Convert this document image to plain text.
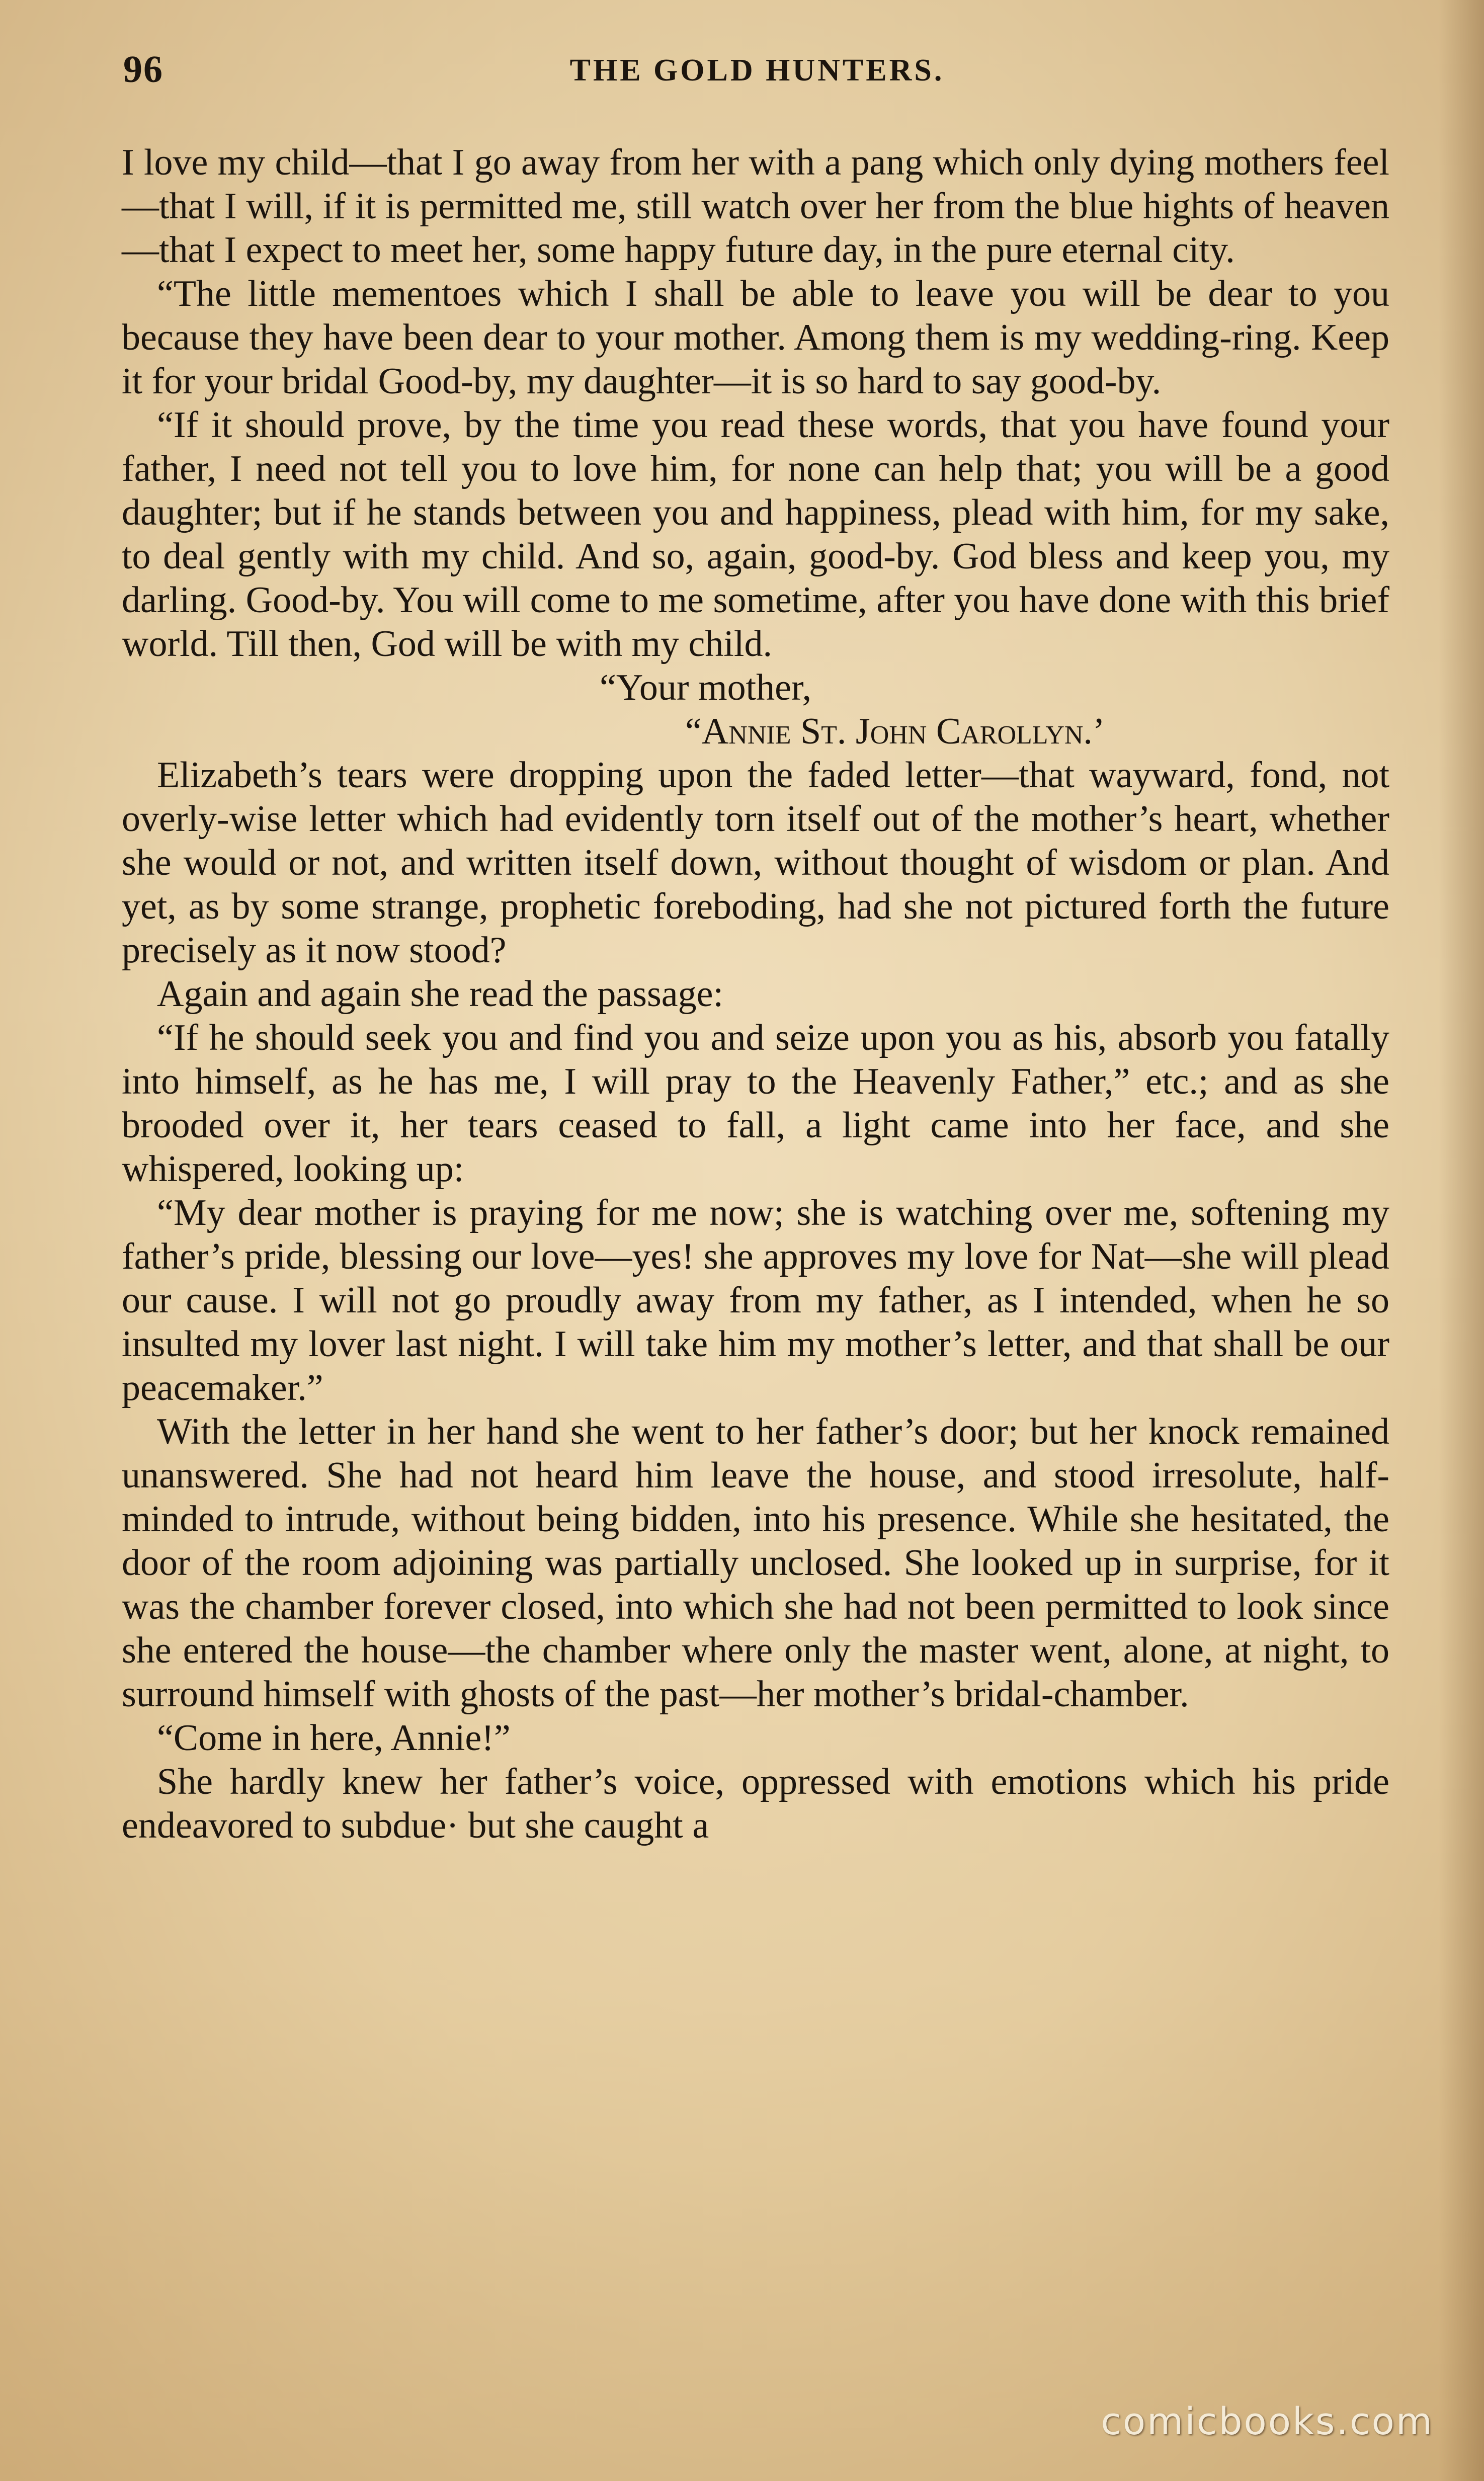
96	THE GOLD HUNTERS.

I love my child—that I go away from her with a pang which only dying mothers feel—that I will, if it is permitted me, still watch over her from the blue hights of heaven—that I expect to meet her, some happy future day, in the pure eternal city.

“The little mementoes which I shall be able to leave you will be dear to you because they have been dear to your mother. Among them is my wedding-ring. Keep it for your bridal Good-by, my daughter—it is so hard to say good-by.

“If it should prove, by the time you read these words, that you have found your father, I need not tell you to love him, for none can help that; you will be a good daughter; but if he stands between you and happiness, plead with him, for my sake, to deal gently with my child. And so, again, good-by. God bless and keep you, my darling. Good-by. You will come to me sometime, after you have done with this brief world. Till then, God will be with my child.

“Your mother,

“Annie St. John Carollyn.’

Elizabeth’s tears were dropping upon the faded letter—that wayward, fond, not overly-wise letter which had evidently torn itself out of the mother’s heart, whether she would or not, and written itself down, without thought of wisdom or plan. And yet, as by some strange, prophetic foreboding, had she not pictured forth the future precisely as it now stood?

Again and again she read the passage:

“If he should seek you and find you and seize upon you as his, absorb you fatally into himself, as he has me, I will pray to the Heavenly Father,” etc.; and as she brooded over it, her tears ceased to fall, a light came into her face, and she whispered, looking up:

“My dear mother is praying for me now; she is watching over me, softening my father’s pride, blessing our love—yes! she approves my love for Nat—she will plead our cause. I will not go proudly away from my father, as I intended, when he so insulted my lover last night. I will take him my mother’s letter, and that shall be our peacemaker.”

With the letter in her hand she went to her father’s door; but her knock remained unanswered. She had not heard him leave the house, and stood irresolute, half-minded to intrude, without being bidden, into his presence. While she hesitated, the door of the room adjoining was partially unclosed. She looked up in surprise, for it was the chamber forever closed, into which she had not been permitted to look since she entered the house—the chamber where only the master went, alone, at night, to surround himself with ghosts of the past—her mother’s bridal-chamber.

“Come in here, Annie!”

She hardly knew her father’s voice, oppressed with emotions which his pride endeavored to subdue· but she caught a

comicbooks.com
